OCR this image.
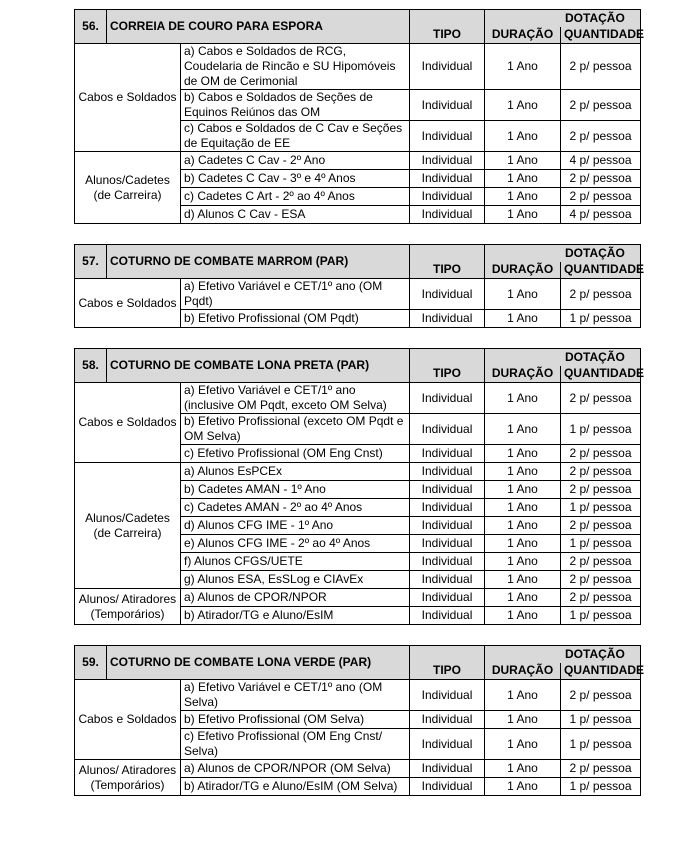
56.	CORREIA DE COURO PARA ESPORA			DOTAÇÃO	
			TIPO	DURAÇÃO	QUANTIDADE
Cabos e Soldados		a) Cabos e Soldados de RCG, Coudelaria de Rincão e SU Hipomóveis de OM de Cerimonial	Individual	1 Ano	2 p/ pessoa
		b) Cabos e Soldados de Seções de Equinos Reiúnos das OM	Individual	1 Ano	2 p/ pessoa
		c) Cabos e Soldados de C Cav e Seções de Equitação de EE	Individual	1 Ano	2 p/ pessoa
Alunos/Cadetes (de Carreira)		a) Cadetes C Cav - 2º Ano	Individual	1 Ano	4 p/ pessoa
		b) Cadetes C Cav - 3º e 4º Anos	Individual	1 Ano	2 p/ pessoa
		c) Cadetes C Art - 2º ao 4º Anos	Individual	1 Ano	2 p/ pessoa
		d) Alunos C Cav - ESA	Individual	1 Ano	4 p/ pessoa
57.	COTURNO DE COMBATE MARROM (PAR)			DOTAÇÃO	
			TIPO	DURAÇÃO	QUANTIDADE
Cabos e Soldados		a) Efetivo Variável e CET/1º ano (OM Pqdt)	Individual	1 Ano	2 p/ pessoa
		b) Efetivo Profissional (OM Pqdt)	Individual	1 Ano	1 p/ pessoa
58.	COTURNO DE COMBATE LONA PRETA (PAR)			DOTAÇÃO	
			TIPO	DURAÇÃO	QUANTIDADE
Cabos e Soldados		a) Efetivo Variável e CET/1º ano (inclusive OM Pqdt, exceto OM Selva)	Individual	1 Ano	2 p/ pessoa
		b) Efetivo Profissional (exceto OM Pqdt e OM Selva)	Individual	1 Ano	1 p/ pessoa
		c) Efetivo Profissional (OM Eng Cnst)	Individual	1 Ano	2 p/ pessoa
Alunos/Cadetes (de Carreira)		a) Alunos EsPCEx	Individual	1 Ano	2 p/ pessoa
		b) Cadetes AMAN - 1º Ano	Individual	1 Ano	2 p/ pessoa
		c) Cadetes AMAN - 2º ao 4º Anos	Individual	1 Ano	1 p/ pessoa
		d) Alunos CFG IME - 1º Ano	Individual	1 Ano	2 p/ pessoa
		e) Alunos CFG IME - 2º ao 4º Anos	Individual	1 Ano	1 p/ pessoa
		f) Alunos CFGS/UETE	Individual	1 Ano	2 p/ pessoa
		g) Alunos ESA, EsSLog e CIAvEx	Individual	1 Ano	2 p/ pessoa
Alunos/ Atiradores (Temporários)		a) Alunos de CPOR/NPOR	Individual	1 Ano	2 p/ pessoa
		b) Atirador/TG e Aluno/EsIM	Individual	1 Ano	1 p/ pessoa
59.	COTURNO DE COMBATE LONA VERDE (PAR)			DOTAÇÃO	
			TIPO	DURAÇÃO	QUANTIDADE
Cabos e Soldados		a) Efetivo Variável e CET/1º ano (OM Selva)	Individual	1 Ano	2 p/ pessoa
		b) Efetivo Profissional (OM Selva)	Individual	1 Ano	1 p/ pessoa
		c) Efetivo Profissional (OM Eng Cnst/ Selva)	Individual	1 Ano	1 p/ pessoa
Alunos/ Atiradores (Temporários)		a) Alunos de CPOR/NPOR (OM Selva)	Individual	1 Ano	2 p/ pessoa
		b) Atirador/TG e Aluno/EsIM (OM Selva)	Individual	1 Ano	1 p/ pessoa
